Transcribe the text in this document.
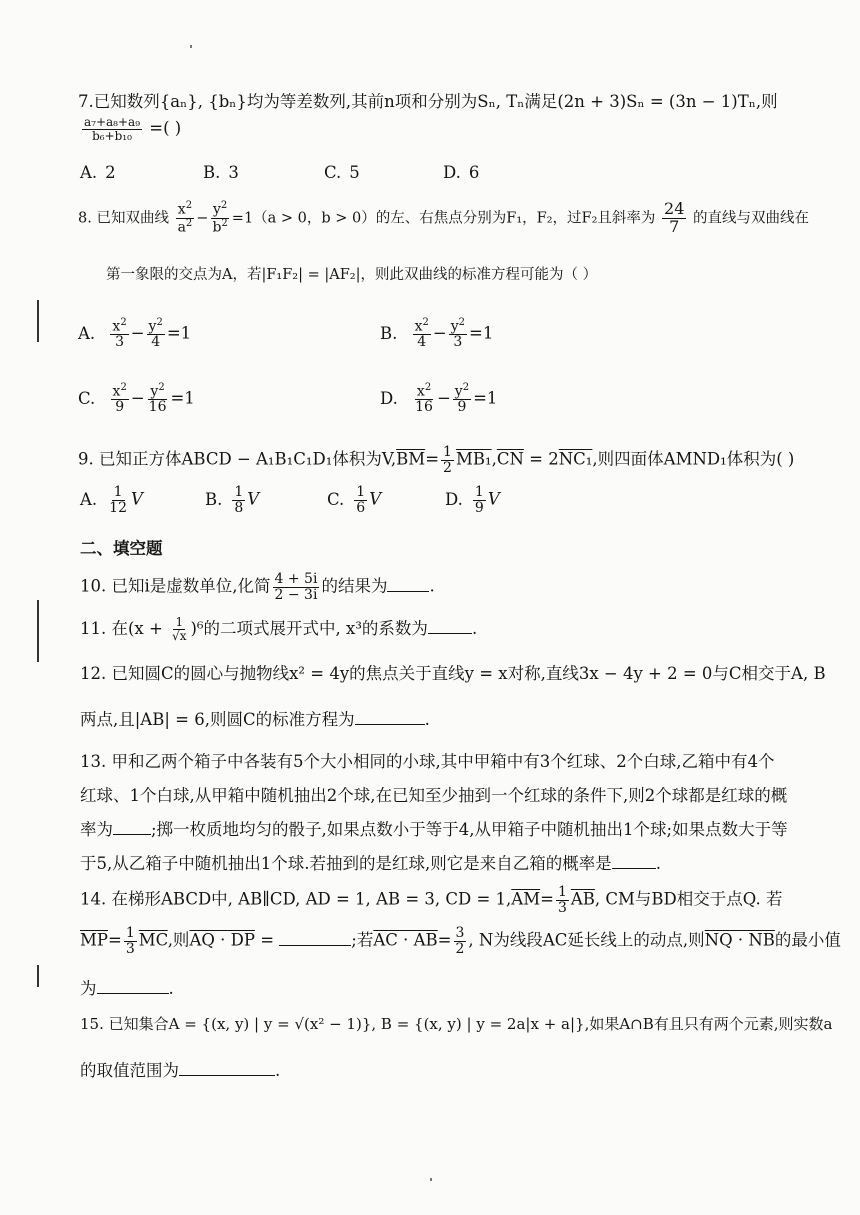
7.已知数列{aₙ}, {bₙ}均为等差数列,其前n项和分别为Sₙ, Tₙ满足(2n + 3)Sₙ = (3n − 1)Tₙ,则
$\frac{\text{a₇+a₈+a₉}}{\text{b₆+b₁₀}}$ =( )
A. 2	B. 3	C. 5	D. 6
8. 已知双曲线 $\frac{x^2}{a^2} - \frac{y^2}{b^2} =1(a > 0$，b > 0）的左、右焦点分别为F₁，F₂，过F₂且斜率为 $\frac{24}{7}$ 的直线与双曲线在
第一象限的交点为A，若|F₁F₂| = |AF₂|，则此双曲线的标准方程可能为（ ）
A. $\frac{x^2}{3} - \frac{y^2}{4} =1$	B. $\frac{x^2}{4} - \frac{y^2}{3} =1$
C. $\frac{x^2}{9} - \frac{y^2}{16} =1$	D. $\frac{x^2}{16} - \frac{y^2}{9} =1$
9. 已知正方体ABCD − A₁B₁C₁D₁体积为$V,\overline{BM}= \frac{1}{2} MB_1,\overline{CN} = 2NC_1$,则四面体AMND₁体积为( )
A. $\frac{1}{12}$ V	B. $\frac{1}{8}$ V	C. $\frac{1}{6}$ V	D. $\frac{1}{9}$ V
二、填空题
10. 已知i是虚数单位,化简 $\frac{4 + 5i}{2 - 3i}$ 的结果为	.
11. 在$(x + \frac{1}{√x} )^6$的二项式展开式中, x³的系数为	.
12. 已知圆C的圆心与抛物线x² = 4y的焦点关于直线y = x对称,直线3x − 4y + 2 = 0与C相交于A, B
两点,且|AB| = 6,则圆C的标准方程为	.
13. 甲和乙两个箱子中各装有5个大小相同的小球,其中甲箱中有3个红球、2个白球,乙箱中有4个
红球、1个白球,从甲箱中随机抽出2个球,在已知至少抽到一个红球的条件下,则2个球都是红球的概
率为 ;掷一枚质地均匀的骰子,如果点数小于等于4,从甲箱子中随机抽出1个球;如果点数大于等
于5,从乙箱子中随机抽出1个球.若抽到的是红球,则它是来自乙箱的概率是	.
14. 在梯形ABCD中, AB∥CD, AD = 1, AB = 3, CD = $1,\overline{AM}= \frac{1}{3} \overline{AB}$, CM与BD相交于点Q. 若
$\overline{MP}= \frac{1}{3} \overline{MC}$,则AQ · DP =	;若AC · $AB= \frac{3}{2}$ , N为线段AC延长线上的动点,则NQ · NB的最小值
为	.
15. 已知集合A = {(x, y) | y = √(x² − 1)}, B = {(x, y) | y = 2a|x + a|},如果A∩B有且只有两个元素,则实数a
的取值范围为	.
